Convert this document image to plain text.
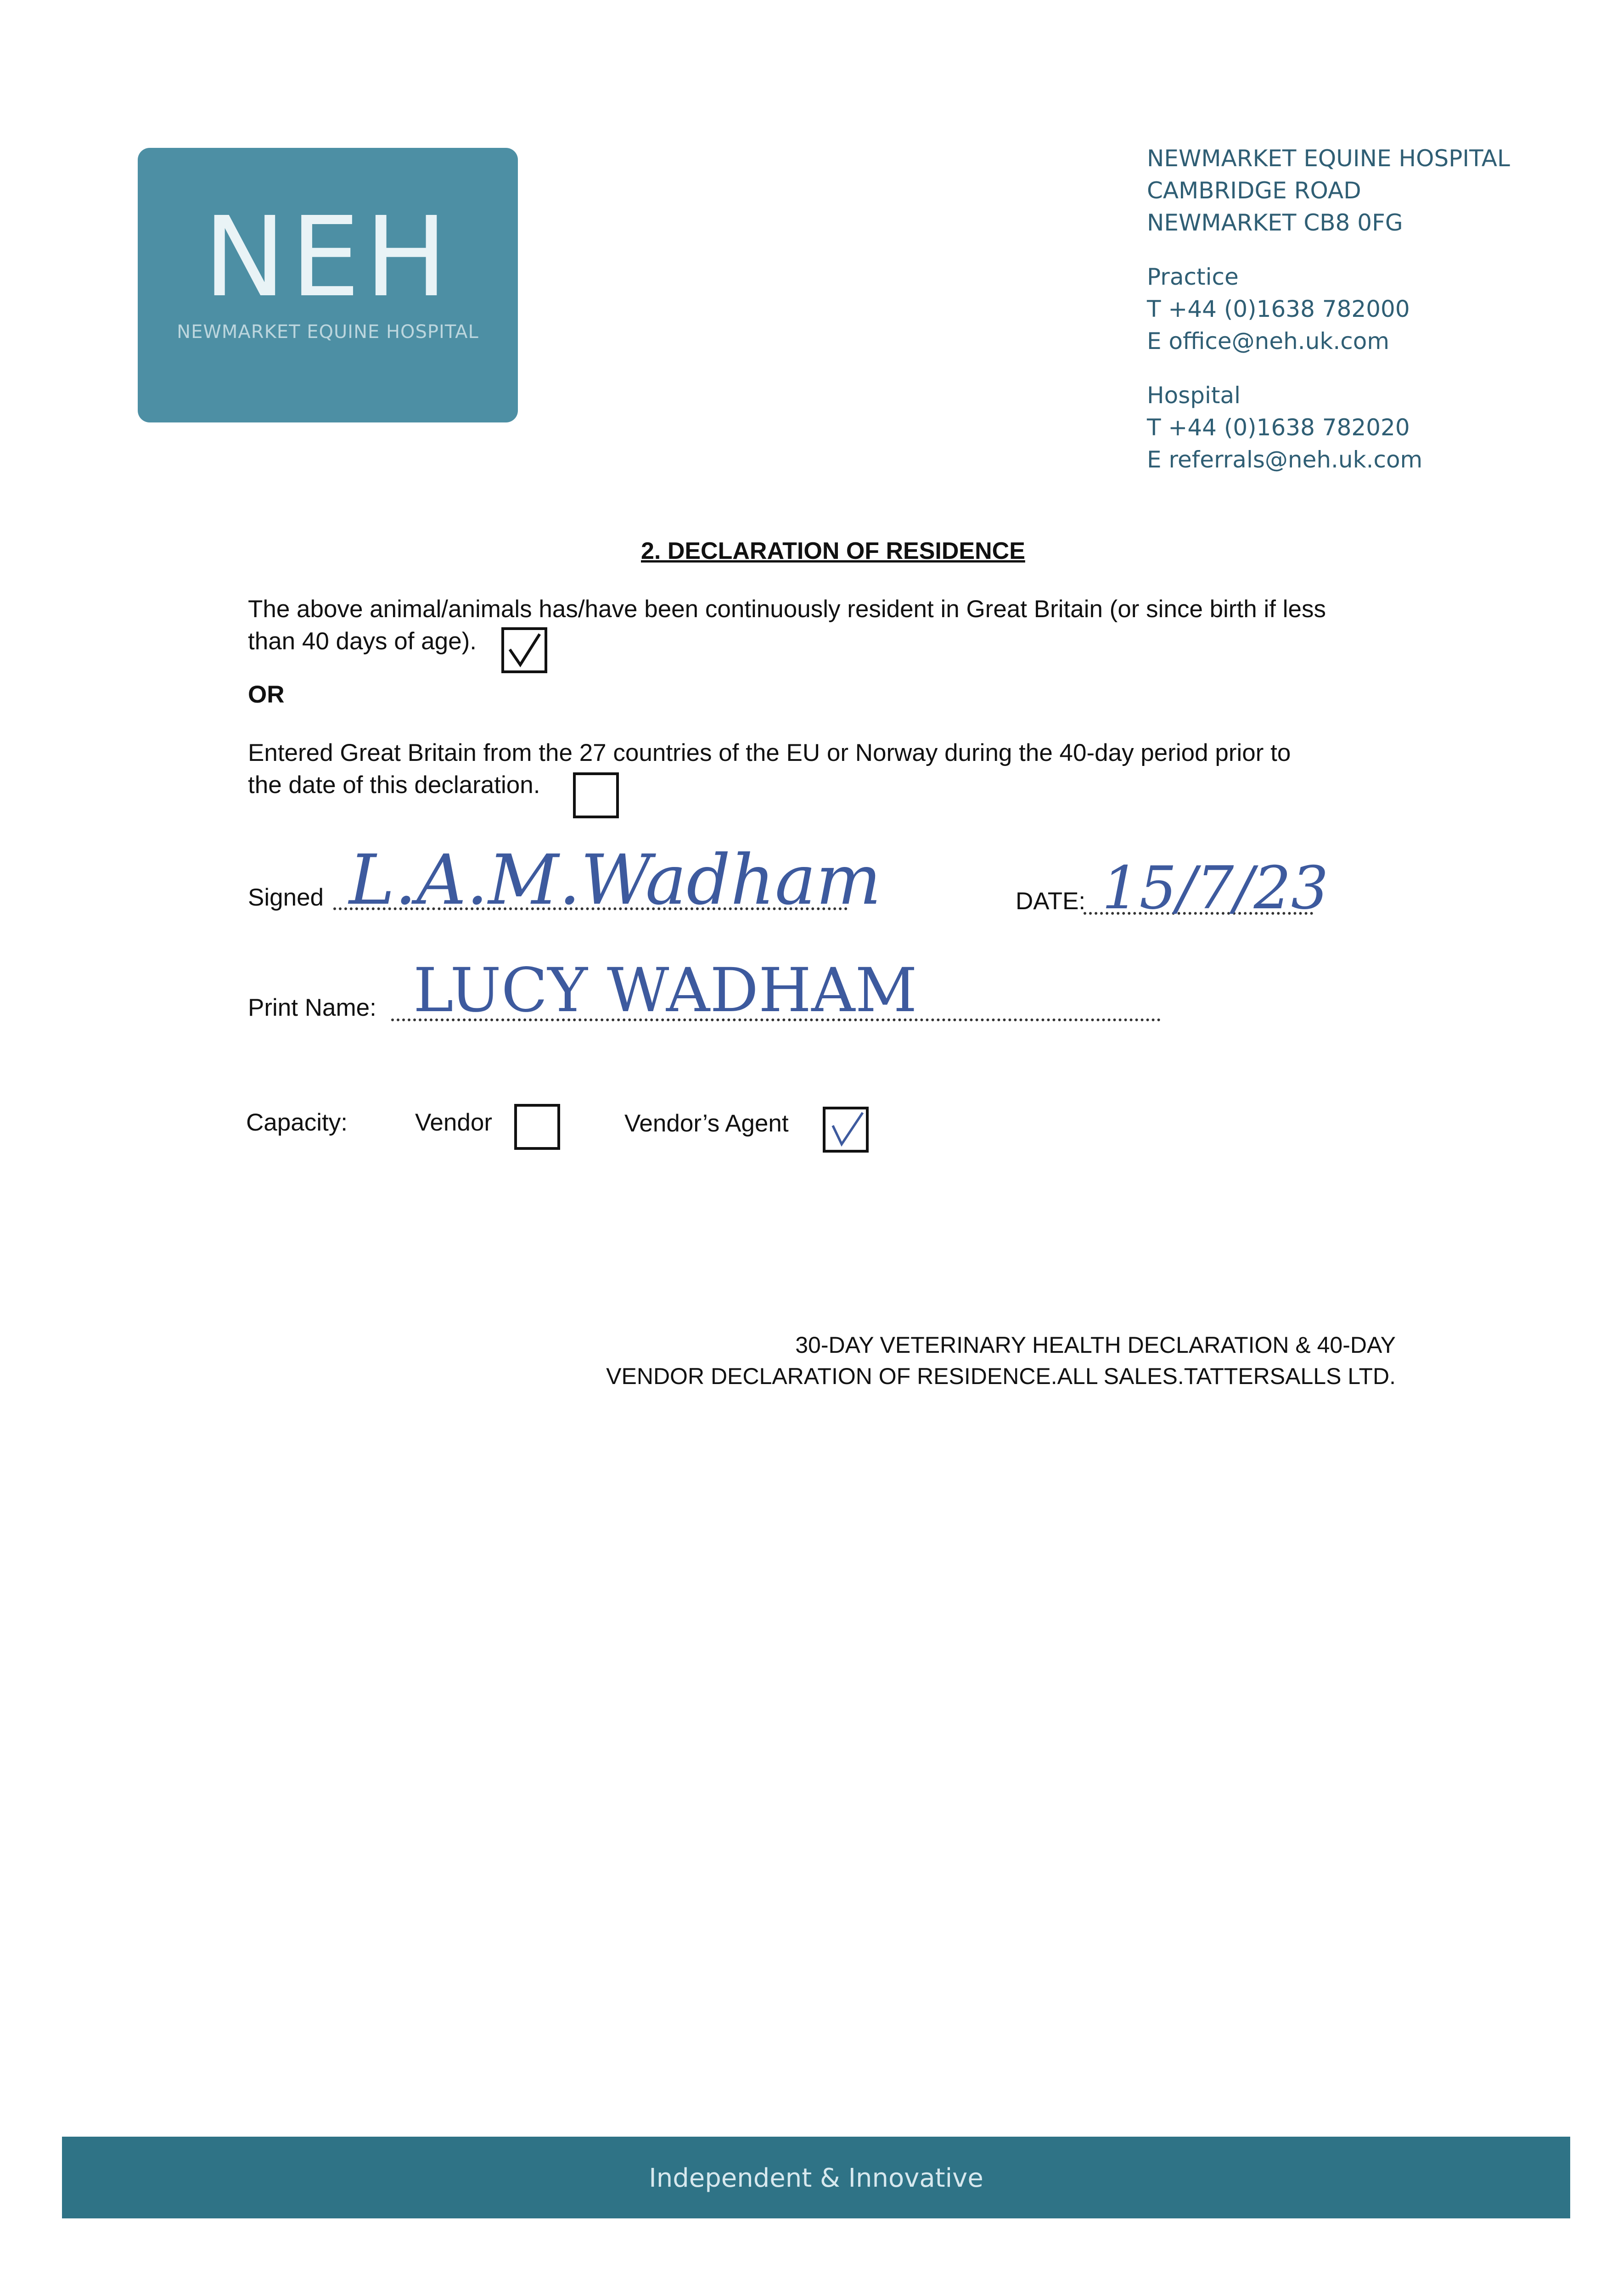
NEH
NEWMARKET EQUINE HOSPITAL
NEWMARKET EQUINE HOSPITAL
CAMBRIDGE ROAD
NEWMARKET CB8 0FG
Practice
T +44 (0)1638 782000
E office@neh.uk.com
Hospital
T +44 (0)1638 782020
E referrals@neh.uk.com
2. DECLARATION OF RESIDENCE
The above animal/animals has/have been continuously resident in Great Britain (or since birth if less
than 40 days of age).
OR
Entered Great Britain from the 27 countries of the EU or Norway during the 40-day period prior to
the date of this declaration.
Signed L.A.M.Wadham	DATE: 15/7/23
Print Name: LUCY WADHAM
Capacity:	Vendor	Vendor’s Agent
30-DAY VETERINARY HEALTH DECLARATION & 40-DAY
VENDOR DECLARATION OF RESIDENCE.ALL SALES.TATTERSALLS LTD.
Independent & Innovative
